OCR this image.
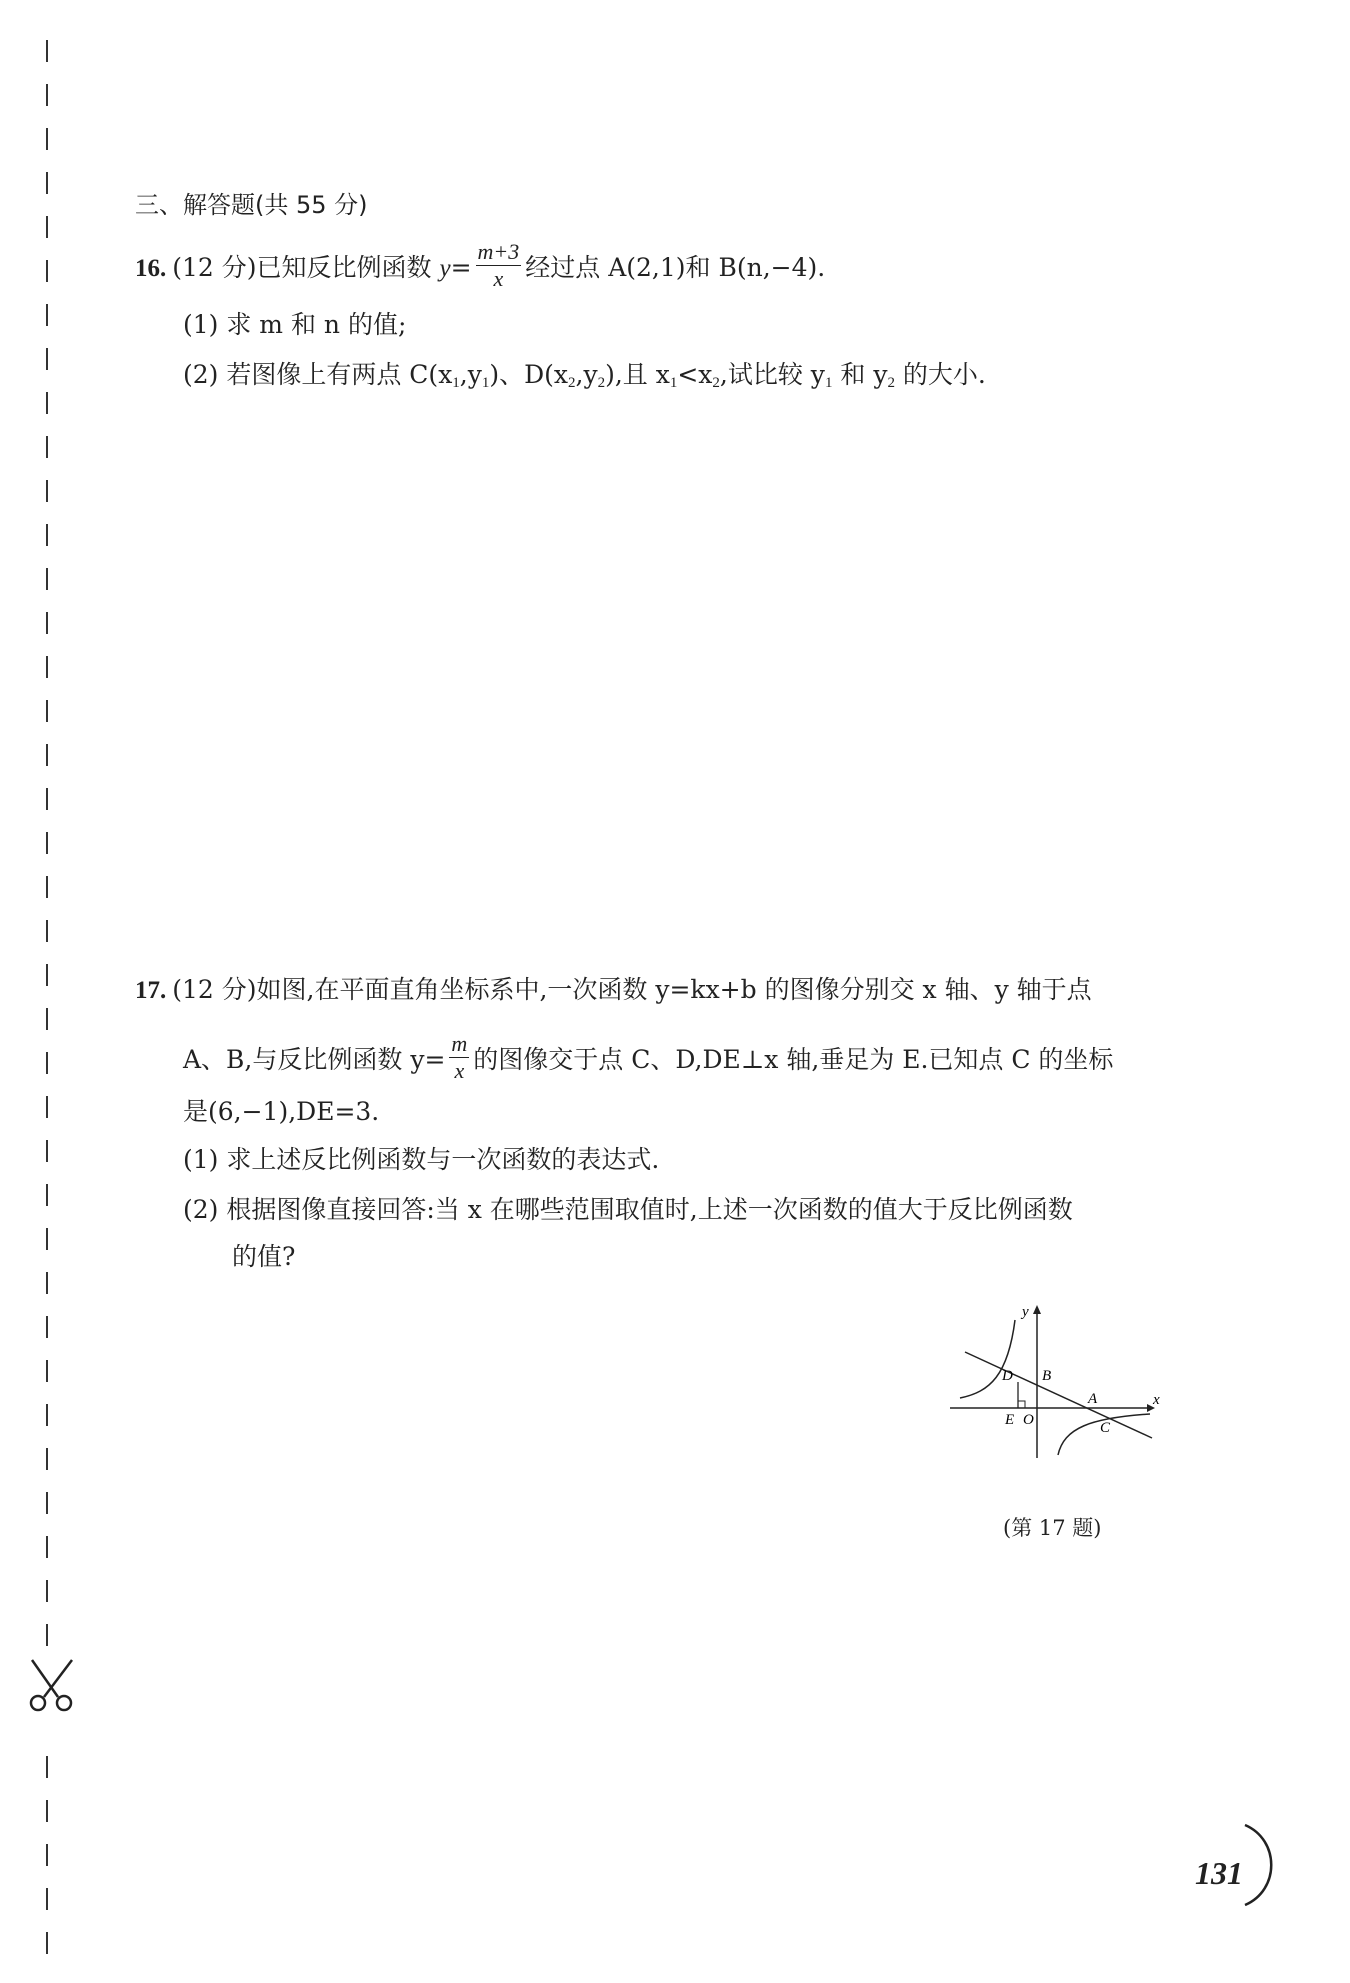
三、解答题(共 55 分)
16. (12 分)已知反比例函数 $y= \frac{m+3}{x}$ 经过点 A(2,1)和 B(n,−4).
(1) 求 m 和 n 的值;
(2) 若图像上有两点 $C(x_1,y_1)$、$D(x_2,y_2)$,且 $x_1<x_2$,试比较 $y_1$ 和 $y_2$ 的大小.
17. (12 分)如图,在平面直角坐标系中,一次函数 y=kx+b 的图像分别交 x 轴、y 轴于点
A、B,与反比例函数 $y= \frac{m}{x}$ 的图像交于点 C、D,DE⊥x 轴,垂足为 E.已知点 C 的坐标
是(6,−1),DE=3.
(1) 求上述反比例函数与一次函数的表达式.
(2) 根据图像直接回答:当 x 在哪些范围取值时,上述一次函数的值大于反比例函数
的值?
y
x
D B
A
E O	C
(第 17 题)
131
